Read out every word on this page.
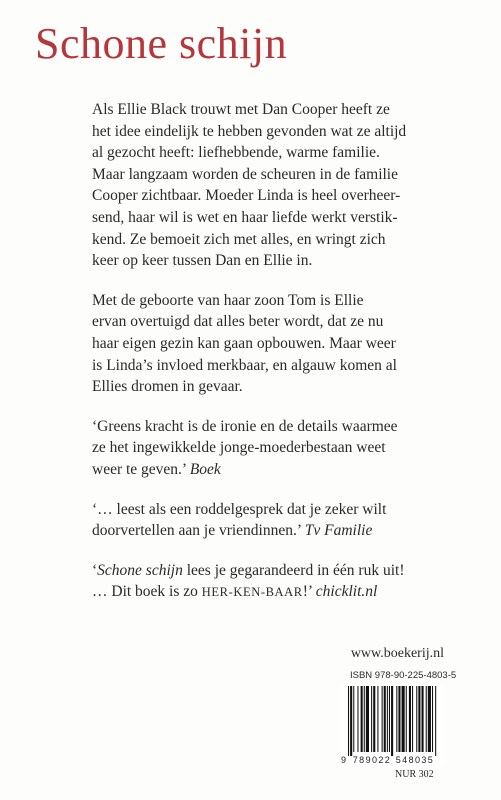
Schone schijn

Als Ellie Black trouwt met Dan Cooper heeft ze
het idee eindelijk te hebben gevonden wat ze altijd
al gezocht heeft: liefhebbende, warme familie.
Maar langzaam worden de scheuren in de familie
Cooper zichtbaar. Moeder Linda is heel overheer-
send, haar wil is wet en haar liefde werkt verstik-
kend. Ze bemoeit zich met alles, en wringt zich
keer op keer tussen Dan en Ellie in.

Met de geboorte van haar zoon Tom is Ellie
ervan overtuigd dat alles beter wordt, dat ze nu
haar eigen gezin kan gaan opbouwen. Maar weer
is Linda’s invloed merkbaar, en algauw komen al
Ellies dromen in gevaar.

‘Greens kracht is de ironie en de details waarmee
ze het ingewikkelde jonge-moederbestaan weet
weer te geven.’ Boek

‘… leest als een roddelgesprek dat je zeker wilt
doorvertellen aan je vriendinnen.’ Tv Familie

‘Schone schijn lees je gegarandeerd in één ruk uit!
… Dit boek is zo HER-KEN-BAAR!’ chicklit.nl

www.boekerij.nl
ISBN 978-90-225-4803-5
9 789022 548035
NUR 302
